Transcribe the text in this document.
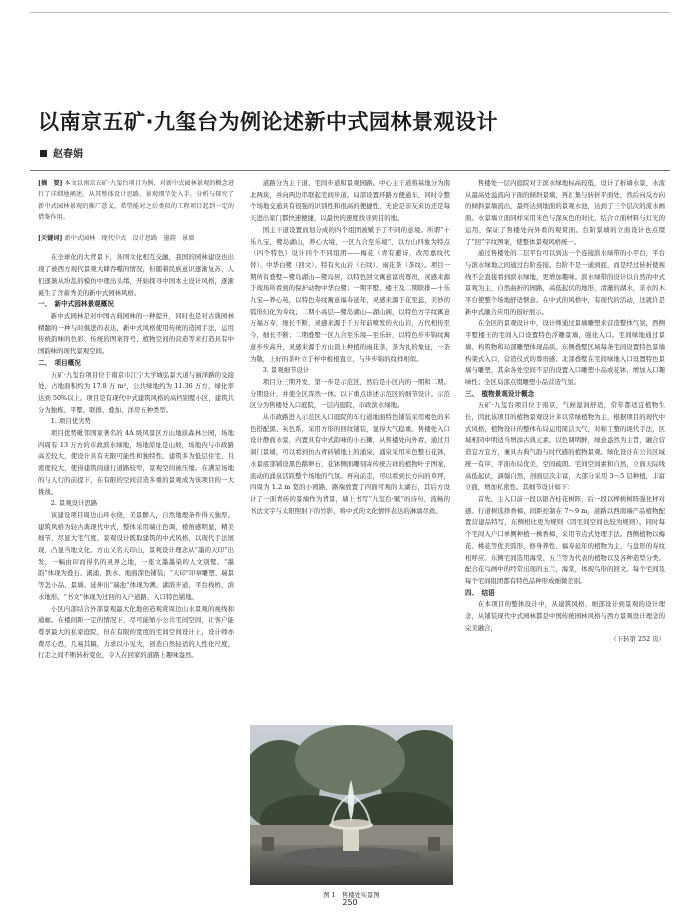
以南京五矿·九玺台为例论述新中式园林景观设计
赵春娟

[摘　要] 本文以南京五矿·九玺台项目为例，对新中式园林景观的概念进行了详细地阐述。从其整体设计思路、景观细节处入手，分析与探究了新中式园林景观的推广意义，希望能对之后类似的工程项目起到一定的借鉴作用。

[关键词] 新中式园林　现代中式　设计思路　墨韵　景墙

在全球化的大背景下，各国文化相互交融，我国的园林建设也出现了被西方现代景观大肆吞噬的情况，但随着民族意识逐渐复苏，人们逐渐从纷乱的模仿中理出头绪，开始探寻中国本土设计风格，逐渐诞生了含蓄秀美的新中式园林风格。

一、　新中式园林景观概况

新中式园林是对中国古典园林的一种提升，同时也是对古典园林精髓的一种与时俱进的表达，新中式风格使用传统的造园手法，运用传统韵味的色彩、传统的图案符号、植物空间的营造等来打造具有中国韵味的现代景观空间。

二、　项目概况

五矿·九玺台项目位于南京市江宁大学城弘景大道与丽泽路的交接处，占地面积约为 17.8 万 m²，公共绿地约为 11.36 万方，绿化率达到 50%以上。项目是有现代中式建筑风格的高档别墅小区，建筑共分为独栋、平墅、联排、叠加、洋房五种类型。

1. 项目优劣势

项目优势毗邻国家著名的 4A 级风景区方山地质森林公园，场地四周有 13 万方的市政滨水绿地，场地原址是山坡，场地内与市政路高差较大，使设计具有无限可能性和独特性。建筑多为低层住宅，且密度较大，使得建筑间通行道路较窄，景观空间被压缩。在满足场地的与人行的前提下，在有限的空间营造多重的景观成为该项目的一大挑战。

2. 景观设计思路

该建设项目周边山环水绕，美景醉人，自然地理条件得天独厚。建筑风格为轻古典现代中式，整体采用端庄色调，棱角感明显，精美细节，尽显大宅气度，景观设计既取建筑的中式风格，以现代手法展现，凸显当地文化。方山又名天印山，景观设计理念从“墨的天印”出发，一幅由印而得名的灵界之地，一座文墨墨染的人文别墅。“墨韵”体现为叠石、溪涌、跌水、地面深色铺装；“天印”印章雕塑、瑞景等怎小品、景墙。延伸出“瑞池”体现为溯、湖滨步道，平台栈桥、滨水地形。“书文”体现为过回的入户道路、入口特色铺地。

小区内部结合外部景观最大化地创造观赏周边山水景观的视线和通廊。在楼间距一定的情况下，尽可能缩小公共宅间空间，让客户能尊享最大的私家庭院，但在有限的宽度的宅间空间设计上，设计师亦费尽心思，几易其稿，力求以小见大，创造自然轻适的人性化尺度，行走之间不断转折变化，令人在回家的道路上趣味盎然。

道路分为主干道、宅间步道和景观园路。中心主干道将基地分为南北两块，并向两边串联起宅间步道。局部设置环路方便通车，同时令整个场地交通具有很强的识别性和很高的便捷性，无论是亲友来访还是每天进出家门都快速便捷，以最快的速度找寻到目的地。

国主干道设置而划分成的四个组团被赋予了不同的意境。所谓“十乐九宝，鹭岛湖山，养心大境，一区九合至乐境”，以方山四象为特点（四个特色）设计四个不同组团——梅花（青有避诗，改用嘉纹代替）、中华白鹭（回文）、特有火山岩（石纹）、雨花茶（茶纹）。项目一期所有叠墅—鹭岛湖山—鹭岛居，以特色回文寓意富贵尊贵，灵感来源于现场所看到的保护动物中华白鹭；一期平墅、楼王及二期联排—十乐九宝—养心苑，以特色寿纹寓意福寿延年，灵感来源于花至蕊，美妙的弧形幻化为寿纹；二期小高层—鹭岛湖山—湖山阁，以特色方字纹寓意万福万寿，细长不断，灵感来源于千万年前喷发的火山岩，万代相传至今，细长不断；二期叠墅一区九合至乐境—至乐轩，以特色步步锦纹寓意步步高升，灵感来源于方山顶上种植的雨花茶，茶为礼的象征，一茶为敬，上好的茶叶立于杯中根根直立，与步步锦的纹样相似。

3. 景观细节设计

项目分三期开发，第一步是示范区，然后是小区内的一期和二期。分期设计，并使全区浑然一体。以下重点讲述示范区的细节设计。示范区分为售楼处入口庭院，一层内庭院，市政滨水绿地。

从市政路进入示范区入口庭院的车行道地面特色铺装采用褐色的米色搭配黑、灰色系，采用方形的回纹铺装，显得大气稳重。售楼处入口设计静面水景，内置具有中式韵味的小石狮，从售楼处向外看，通过月洞门景墙，可以看到仿古青砖铺地上的涌泉，涌泉采用米色整石花钵，水景底部铺设黑色鹅卵石，花钵侧面雕刻寄传统吉祥的植物叶子图案，流动的涌泉活跃整个场地的气氛。再向前走，可以看到长方向的草坪，四周为 1.2 m 宽的小园路，路端放置了四面可观的太湖石，其后方设计了一面青砖的景墙作为背景，墙上书写“九玺台·赋”的诗句，流畅的书法文字与太阳照射下的竹影，将中式的文化情怀表达的淋漓尽致。

图 1　售楼处实景图

售楼处一层内庭院对于滨水绿地标高较低，设计了折墙水景，水流从最高处溢流向下面的倾斜景墙，再汇集与转折平面处，然后向反方向的倾斜景墙流出，最终达到地面的景观水池，达到了三个层次的流水画面。水景墙立面同样采用米色与深灰色的对比，结合立面材料与灯光的运用，保证了售楼处向外看的观赏面。台阶景墙的立面设计也点缀了“回”字纹图案，使整体景观风格统一。

通过售楼处的二层平台可以到达一个连接滨水绿带的小平台，平台与滨水绿地之间通过台阶连接。台阶不是一通到底，而是经过转折使视线不会直接看到滨水绿地，更增加趣味。滨水绿带的设计以自然的中式景观为主，自然曲折的园路，高低起伏的地形，清澈的湖水，亲水的木平台使整个场地舒适惬意。在中式的风格中，有现代的活动，这就许是新中式融合应用的很好展示。

在全区的景观设计中，设计师通过景墙雕塑来营造整体气氛，西侧平墅楼王的宅间入口设置特色浮雕景墙，强化入口。宅间绿地通过景墙、构筑物和局部雕塑体现品质。东侧叠墅区域每条宅间设置特色景墙构架式入口，营造仪式的尊贵感；北部叠墅在宅间绿地入口设置特色景墙与雕塑，其余各处空间不足的设置入口雕塑小品或花钵，增加入口趣味性；全区局部点缀雕塑小品营造气氛。

三、　植物景观设计概念

五矿·九玺台项目位于南京，气候湿润舒适，常年都适宜植物生长，因此该项目的植物景观设计多以常绿植物为主，根据项目的现代中式风格，植物设计的整体布局运用简洁大气，对称工整的现代手法，区域相同中明适当增添古典元素。以色调明鲜，绿意盎然为主旨，融合营造宜方宜方，兼具古典气韵与时代感的植物景观。绿化设计在公共区域统一有序，平面布局优美，空间疏朗。宅间空间素和自然，立面天际线高低起伏，滴翰自然，剖面层次丰富，大部分采用 3～5 层种植，丰富立面，增加私密性。其细节设计如下：

首先，主入口前一段以银杏桂花树阵，后一段以榉树树阵强化秤对感。行道树选择香樟，间距控制在 7～9 m，道路以西南端产品植物配置营建品特写，东侧相比更为规则（因宅间空间也较为规则）。同时每个宅间入户口单侧种植一株香樟，采用节点式处理手法。西侧植物以梅花、桃花等优美弧形，修身养性、福寿延年的植物为主，与盘形的寿纹相呼应。东侧宅间选用海棠、五兰等为代表的植物以及各种造型分类。配合花鸟画中的经常出现的玉兰、海棠，体现鸟形的回文。每个宅间及每个宅间组团都有特色品种形成细微差别。

四、　结语

在本项目的整体设计中，从建筑风格，细部设计到景观的设计理念，从铺装现代中式园林都是中国传统园林风格与西方景观设计理念的完美融合，

（下转第 252 页）

250
